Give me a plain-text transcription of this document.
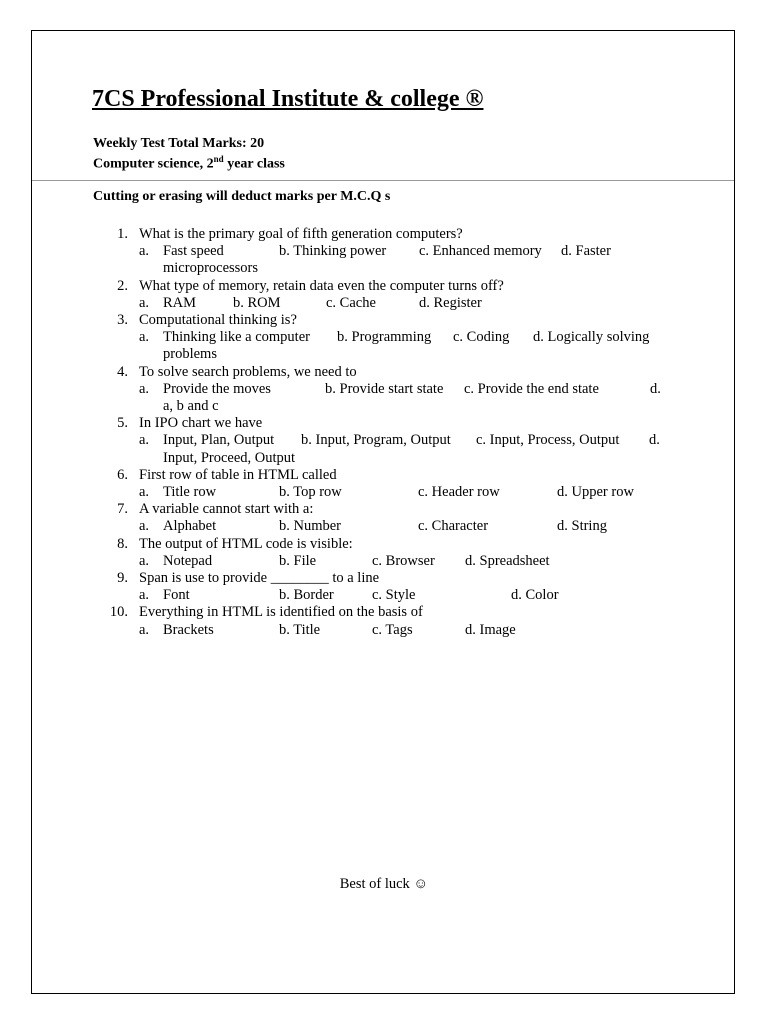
7CS Professional Institute & college ®
Weekly Test Total Marks: 20
Computer science, 2nd year class
Cutting or erasing will deduct marks per M.C.Q s
1. What is the primary goal of fifth generation computers?
a. Fast speed	b. Thinking power c. Enhanced memory d. Faster microprocessors
2. What type of memory, retain data even the computer turns off?
a. RAM	b. ROM	c. Cache	d. Register
3. Computational thinking is?
a. Thinking like a computer b. Programming c. Coding d. Logically solving problems
4. To solve search problems, we need to
a. Provide the moves	b. Provide start state c. Provide the end state	d. a, b and c
5. In IPO chart we have
a. Input, Plan, Output b. Input, Program, Output c. Input, Process, Output d. Input, Proceed, Output
6. First row of table in HTML called
a. Title row	b. Top row	c. Header row	d. Upper row
7. A variable cannot start with a:
a. Alphabet	b. Number	c. Character	d. String
8. The output of HTML code is visible:
a. Notepad	b. File	c. Browser d. Spreadsheet
9. Span is use to provide ________ to a line
a. Font	b. Border	c. Style	d. Color
10. Everything in HTML is identified on the basis of
a. Brackets	b. Title	c. Tags	d. Image
Best of luck ☺
